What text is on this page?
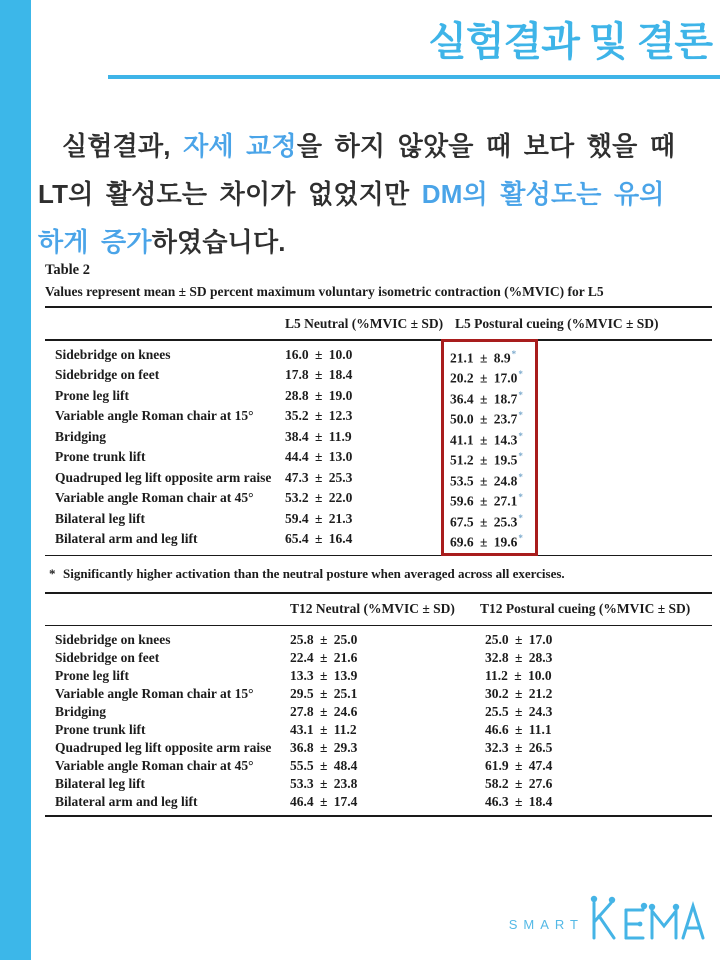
실험결과 및 결론
실험결과, 자세 교정을 하지 않았을 때 보다 했을 때
LT의 활성도는 차이가 없었지만 DM의 활성도는 유의
하게 증가하였습니다.
Table 2
Values represent mean ± SD percent maximum voluntary isometric contraction (%MVIC) for L5
L5 Neutral (%MVIC ± SD) L5 Postural cueing (%MVIC ± SD)
Sidebridge on knees	16.0 ± 10.0	21.1 ± 8.9*
Sidebridge on feet	17.8 ± 18.4	20.2 ± 17.0*
Prone leg lift	28.8 ± 19.0	36.4 ± 18.7*
Variable angle Roman chair at 15°	35.2 ± 12.3	50.0 ± 23.7*
Bridging	38.4 ± 11.9	41.1 ± 14.3*
Prone trunk lift	44.4 ± 13.0	51.2 ± 19.5*
Quadruped leg lift opposite arm raise	47.3 ± 25.3	53.5 ± 24.8*
Variable angle Roman chair at 45°	53.2 ± 22.0	59.6 ± 27.1*
Bilateral leg lift	59.4 ± 21.3	67.5 ± 25.3*
Bilateral arm and leg lift	65.4 ± 16.4	69.6 ± 19.6*
* Significantly higher activation than the neutral posture when averaged across all exercises.
T12 Neutral (%MVIC ± SD)	T12 Postural cueing (%MVIC ± SD)
Sidebridge on knees	25.8 ± 25.0	25.0 ± 17.0
Sidebridge on feet	22.4 ± 21.6	32.8 ± 28.3
Prone leg lift	13.3 ± 13.9	11.2 ± 10.0
Variable angle Roman chair at 15°	29.5 ± 25.1	30.2 ± 21.2
Bridging	27.8 ± 24.6	25.5 ± 24.3
Prone trunk lift	43.1 ± 11.2	46.6 ± 11.1
Quadruped leg lift opposite arm raise	36.8 ± 29.3	32.3 ± 26.5
Variable angle Roman chair at 45°	55.5 ± 48.4	61.9 ± 47.4
Bilateral leg lift	53.3 ± 23.8	58.2 ± 27.6
Bilateral arm and leg lift	46.4 ± 17.4	46.3 ± 18.4
SMART
